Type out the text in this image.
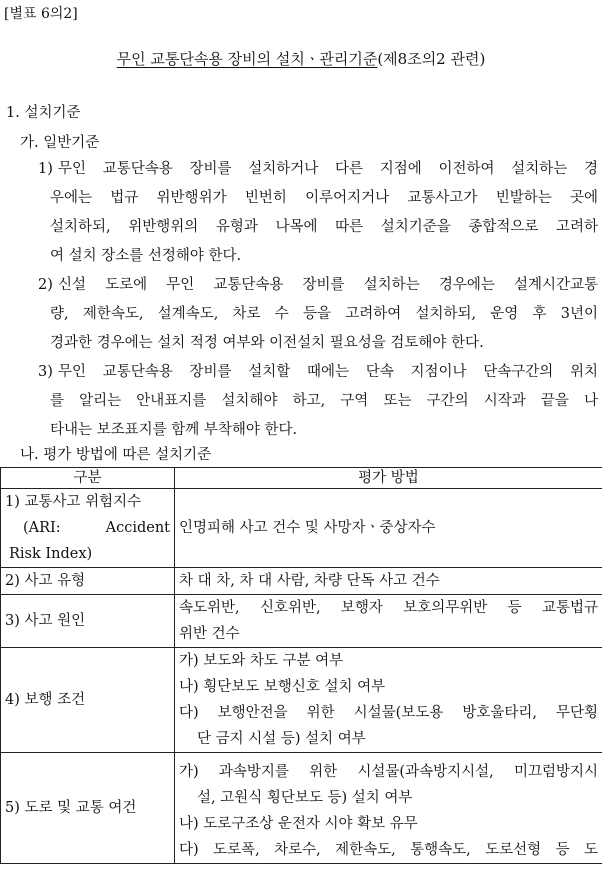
[별표 6의2]
무인 교통단속용 장비의 설치ㆍ관리기준(제8조의2 관련)
1. 설치기준
가. 일반기준
1) 무인 교통단속용 장비를 설치하거나 다른 지점에 이전하여 설치하는 경
우에는 법규 위반행위가 빈번히 이루어지거나 교통사고가 빈발하는 곳에
설치하되, 위반행위의 유형과 나목에 따른 설치기준을 종합적으로 고려하
여 설치 장소를 선정해야 한다.
2) 신설 도로에 무인 교통단속용 장비를 설치하는 경우에는 설계시간교통
량, 제한속도, 설계속도, 차로 수 등을 고려하여 설치하되, 운영 후 3년이
경과한 경우에는 설치 적정 여부와 이전설치 필요성을 검토해야 한다.
3) 무인 교통단속용 장비를 설치할 때에는 단속 지점이나 단속구간의 위치
를 알리는 안내표지를 설치해야 하고, 구역 또는 구간의 시작과 끝을 나
타내는 보조표지를 함께 부착해야 한다.
나. 평가 방법에 따른 설치기준
구분	평가 방법

1) 교통사고 위험지수
(ARI: Accident
Risk Index)	인명피해 사고 건수 및 사망자ㆍ중상자수
2) 사고 유형	차 대 차, 차 대 사람, 차량 단독 사고 건수
3) 사고 원인	속도위반, 신호위반, 보행자 보호의무위반 등 교통법규
위반 건수

4) 보행 조건	가) 보도와 차도 구분 여부
나) 횡단보도 보행신호 설치 여부
다) 보행안전을 위한 시설물(보도용 방호울타리, 무단횡
단 금지 시설 등) 설치 여부

5) 도로 및 교통 여건	가) 과속방지를 위한 시설물(과속방지시설, 미끄럼방지시
설, 고원식 횡단보도 등) 설치 여부
나) 도로구조상 운전자 시야 확보 유무
다) 도로폭, 차로수, 제한속도, 통행속도, 도로선형 등 도
